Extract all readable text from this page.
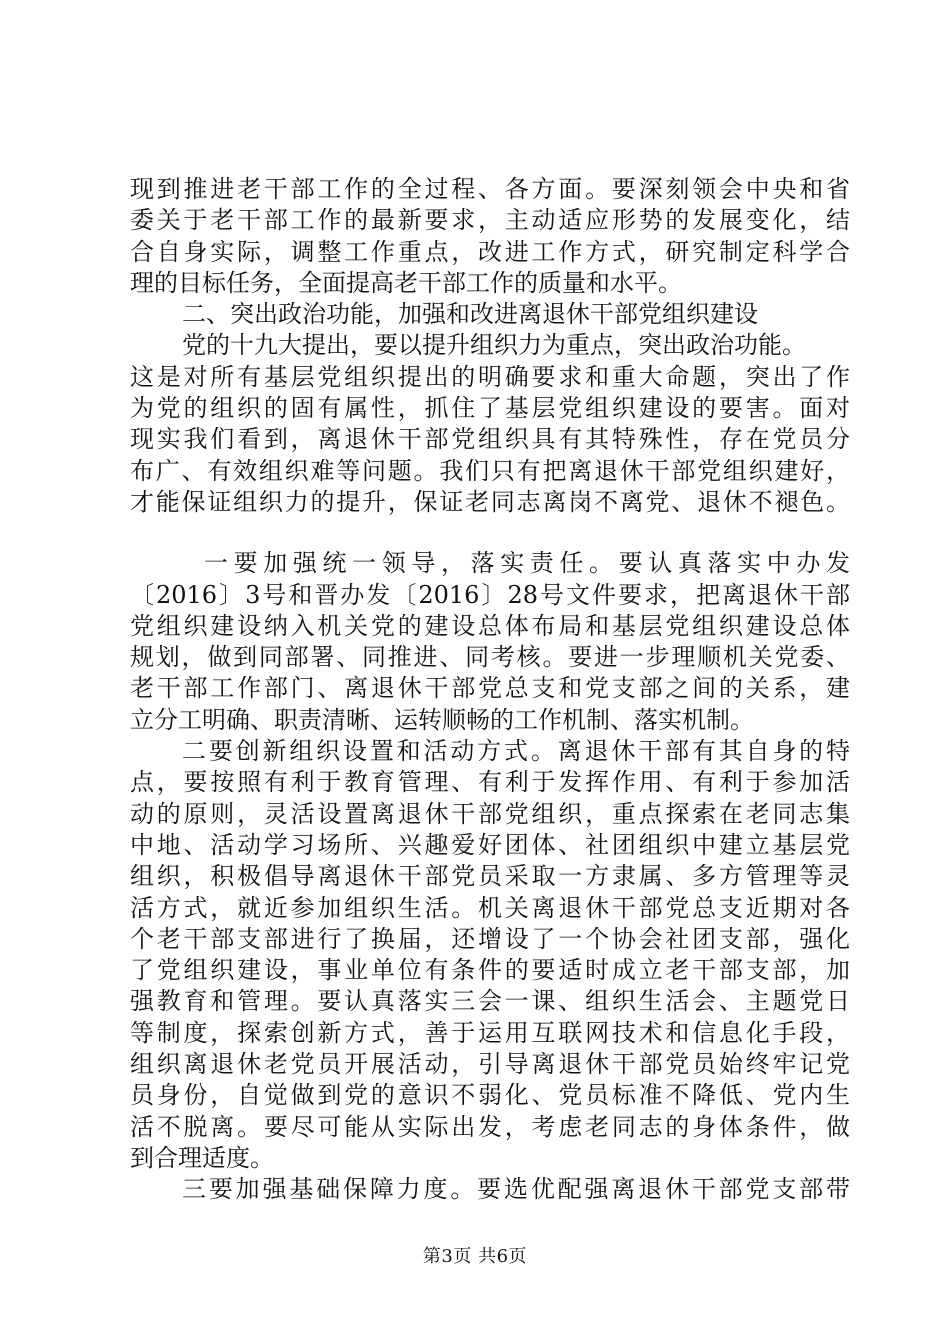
现到推进老干部工作的全过程、各方面。要深刻领会中央和省
委关于老干部工作的最新要求，主动适应形势的发展变化，结
合自身实际，调整工作重点，改进工作方式，研究制定科学合
理的目标任务，全面提高老干部工作的质量和水平。
二、突出政治功能，加强和改进离退休干部党组织建设
党的十九大提出，要以提升组织力为重点，突出政治功能。
这是对所有基层党组织提出的明确要求和重大命题，突出了作
为党的组织的固有属性，抓住了基层党组织建设的要害。面对
现实我们看到，离退休干部党组织具有其特殊性，存在党员分
布广、有效组织难等问题。我们只有把离退休干部党组织建好，
才能保证组织力的提升，保证老同志离岗不离党、退休不褪色。
一要加强统一领导，落实责任。要认真落实中办发
〔2016〕3号和晋办发〔2016〕28号文件要求，把离退休干部
党组织建设纳入机关党的建设总体布局和基层党组织建设总体
规划，做到同部署、同推进、同考核。要进一步理顺机关党委、
老干部工作部门、离退休干部党总支和党支部之间的关系，建
立分工明确、职责清晰、运转顺畅的工作机制、落实机制。
二要创新组织设置和活动方式。离退休干部有其自身的特
点，要按照有利于教育管理、有利于发挥作用、有利于参加活
动的原则，灵活设置离退休干部党组织，重点探索在老同志集
中地、活动学习场所、兴趣爱好团体、社团组织中建立基层党
组织，积极倡导离退休干部党员采取一方隶属、多方管理等灵
活方式，就近参加组织生活。机关离退休干部党总支近期对各
个老干部支部进行了换届，还增设了一个协会社团支部，强化
了党组织建设，事业单位有条件的要适时成立老干部支部，加
强教育和管理。要认真落实三会一课、组织生活会、主题党日
等制度，探索创新方式，善于运用互联网技术和信息化手段，
组织离退休老党员开展活动，引导离退休干部党员始终牢记党
员身份，自觉做到党的意识不弱化、党员标准不降低、党内生
活不脱离。要尽可能从实际出发，考虑老同志的身体条件，做
到合理适度。
三要加强基础保障力度。要选优配强离退休干部党支部带
第3页 共6页
